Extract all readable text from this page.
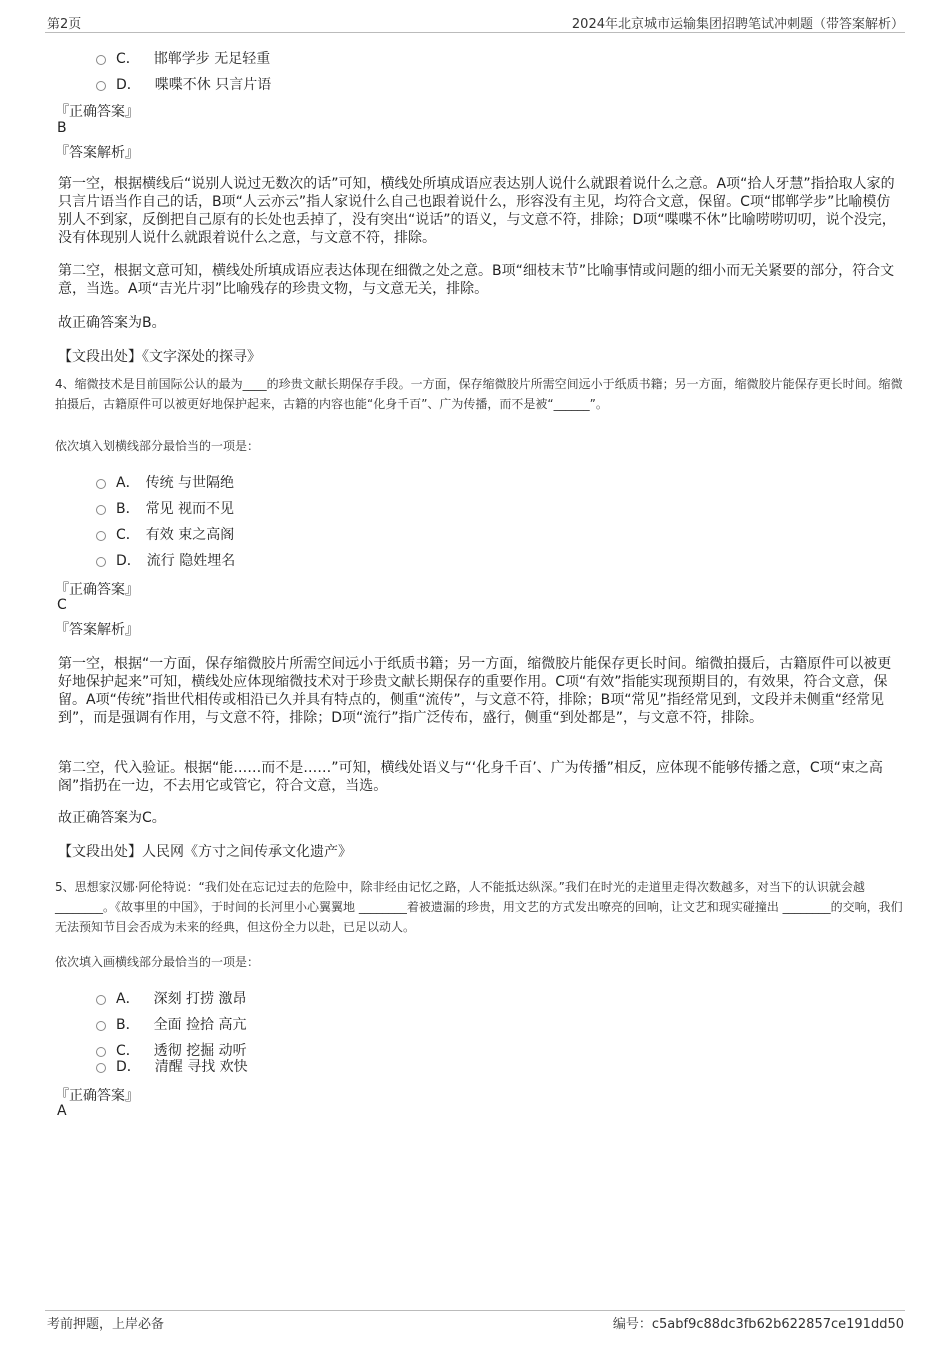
第2页	2024年北京城市运输集团招聘笔试冲刺题（带答案解析）
C． 邯郸学步 无足轻重
D． 喋喋不休 只言片语
『正确答案』
B
『答案解析』
第一空，根据横线后“说别人说过无数次的话”可知，横线处所填成语应表达别人说什么就跟着说什么之意。A项“拾人牙慧”指拾取人家的只言片语当作自己的话，B项“人云亦云”指人家说什么自己也跟着说什么，形容没有主见，均符合文意，保留。C项“邯郸学步”比喻模仿别人不到家，反倒把自己原有的长处也丢掉了，没有突出“说话”的语义，与文意不符，排除；D项“喋喋不休”比喻唠唠叨叨，说个没完，没有体现别人说什么就跟着说什么之意，与文意不符，排除。
第二空，根据文意可知，横线处所填成语应表达体现在细微之处之意。B项“细枝末节”比喻事情或问题的细小而无关紧要的部分，符合文意，当选。A项“吉光片羽”比喻残存的珍贵文物，与文意无关，排除。
故正确答案为B。
【文段出处】《文字深处的探寻》
4、缩微技术是目前国际公认的最为____的珍贵文献长期保存手段。一方面，保存缩微胶片所需空间远小于纸质书籍；另一方面，缩微胶片能保存更长时间。缩微拍摄后，古籍原件可以被更好地保护起来，古籍的内容也能“化身千百”、广为传播，而不是被“______”。
依次填入划横线部分最恰当的一项是：
A． 传统 与世隔绝
B． 常见 视而不见
C． 有效 束之高阁
D． 流行 隐姓埋名
『正确答案』
C
『答案解析』
第一空，根据“一方面，保存缩微胶片所需空间远小于纸质书籍；另一方面，缩微胶片能保存更长时间。缩微拍摄后，古籍原件可以被更好地保护起来”可知，横线处应体现缩微技术对于珍贵文献长期保存的重要作用。C项“有效”指能实现预期目的，有效果，符合文意，保留。A项“传统”指世代相传或相沿已久并具有特点的，侧重“流传”，与文意不符，排除；B项“常见”指经常见到，文段并未侧重“经常见到”，而是强调有作用，与文意不符，排除；D项“流行”指广泛传布，盛行，侧重“到处都是”，与文意不符，排除。
第二空，代入验证。根据“能……而不是……”可知，横线处语义与“‘化身千百’、广为传播”相反，应体现不能够传播之意，C项“束之高阁”指扔在一边，不去用它或管它，符合文意，当选。
故正确答案为C。
【文段出处】人民网《方寸之间传承文化遗产》
5、思想家汉娜·阿伦特说：“我们处在忘记过去的危险中，除非经由记忆之路，人不能抵达纵深。”我们在时光的走道里走得次数越多，对当下的认识就会越 ________。《故事里的中国》，于时间的长河里小心翼翼地 ________着被遗漏的珍贵，用文艺的方式发出嘹亮的回响，让文艺和现实碰撞出 ________的交响，我们无法预知节目会否成为未来的经典，但这份全力以赴，已足以动人。
依次填入画横线部分最恰当的一项是：
A． 深刻 打捞 激昂
B． 全面 捡拾 高亢
C． 透彻 挖掘 动听
D． 清醒 寻找 欢快
『正确答案』
A
考前押题，上岸必备	编号：c5abf9c88dc3fb62b622857ce191dd50
